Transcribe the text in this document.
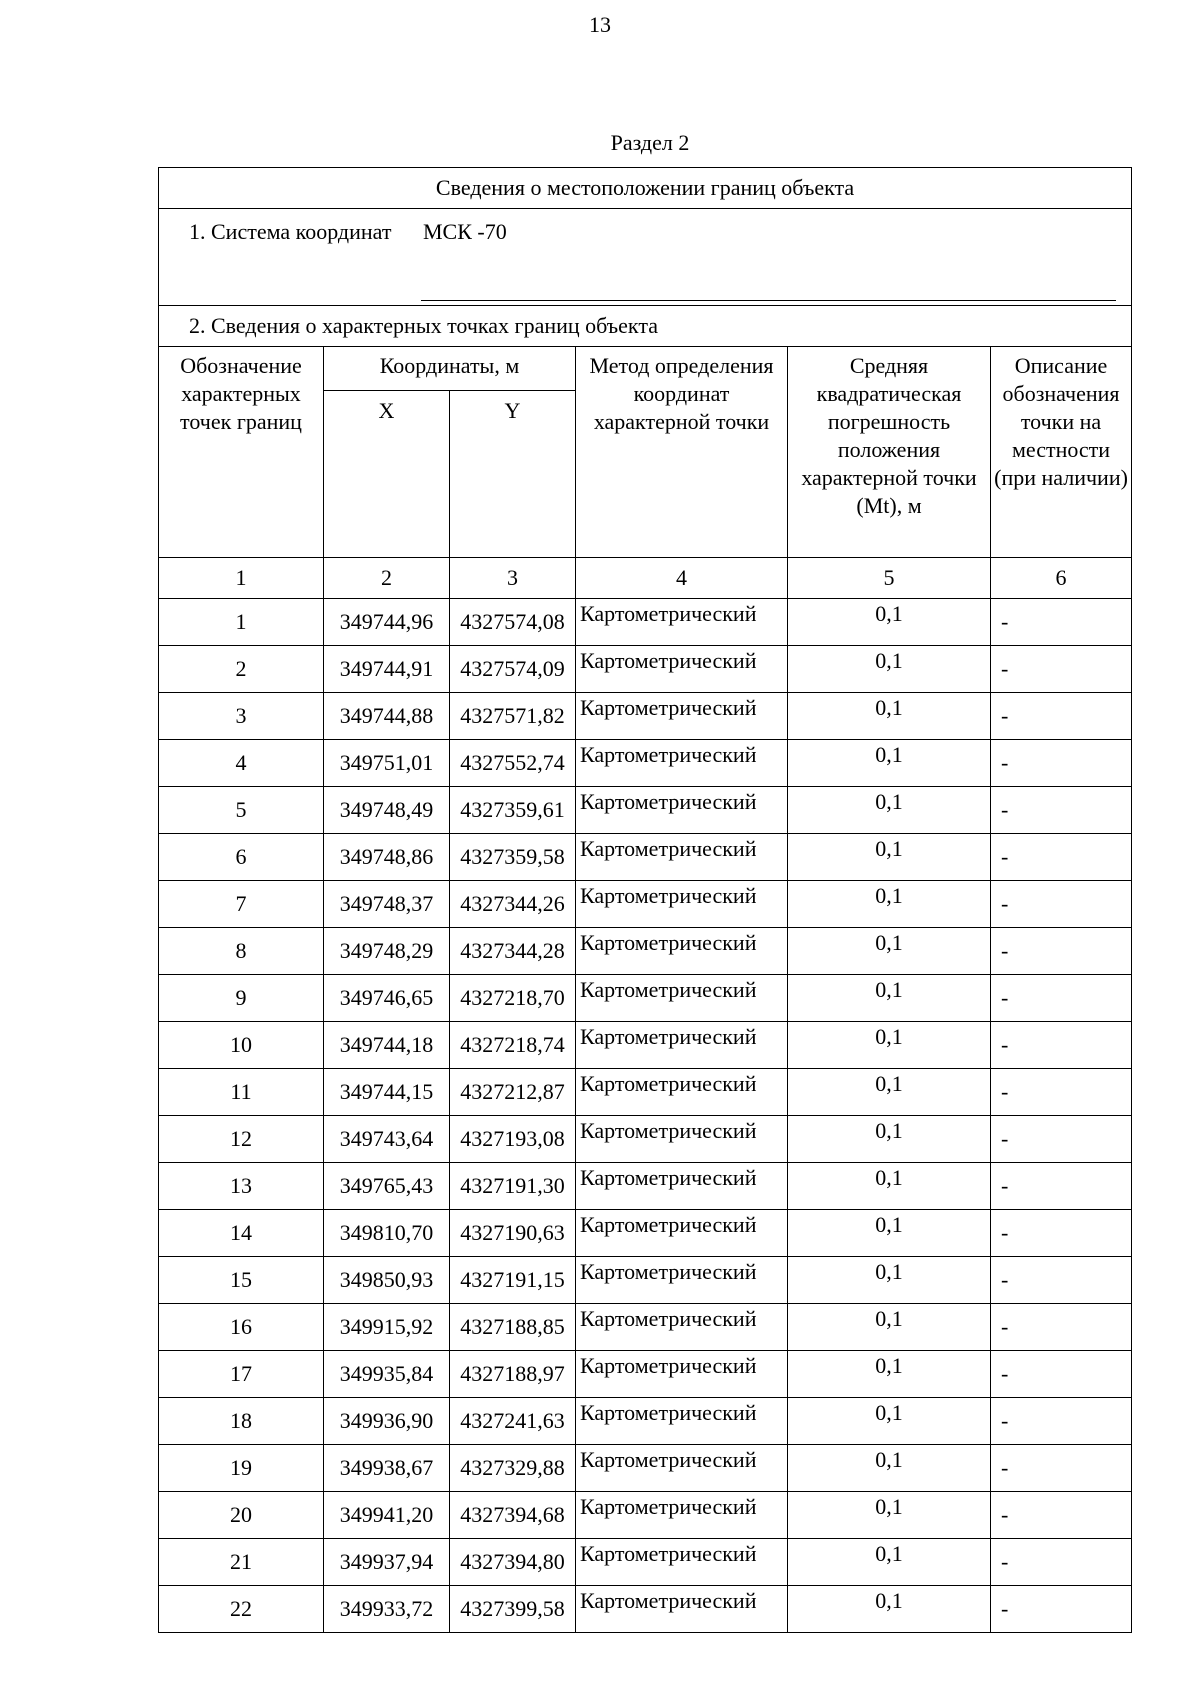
13
Раздел 2
Сведения о местоположении границ объекта					

1. Система координат МСК -70					

2. Сведения о характерных точках границ объекта					
Обозначение характерных точек границ	Координаты, м		Метод определения координат характерной точки	Средняя квадратическая погрешность положения характерной точки (Mt), м	Описание обозначения точки на местности (при наличии)
	X	Y			
1	2	3	4	5	6
1	349744,96	4327574,08	Картометрический	0,1	-
2	349744,91	4327574,09	Картометрический	0,1	-
3	349744,88	4327571,82	Картометрический	0,1	-
4	349751,01	4327552,74	Картометрический	0,1	-
5	349748,49	4327359,61	Картометрический	0,1	-
6	349748,86	4327359,58	Картометрический	0,1	-
7	349748,37	4327344,26	Картометрический	0,1	-
8	349748,29	4327344,28	Картометрический	0,1	-
9	349746,65	4327218,70	Картометрический	0,1	-
10	349744,18	4327218,74	Картометрический	0,1	-
11	349744,15	4327212,87	Картометрический	0,1	-
12	349743,64	4327193,08	Картометрический	0,1	-
13	349765,43	4327191,30	Картометрический	0,1	-
14	349810,70	4327190,63	Картометрический	0,1	-
15	349850,93	4327191,15	Картометрический	0,1	-
16	349915,92	4327188,85	Картометрический	0,1	-
17	349935,84	4327188,97	Картометрический	0,1	-
18	349936,90	4327241,63	Картометрический	0,1	-
19	349938,67	4327329,88	Картометрический	0,1	-
20	349941,20	4327394,68	Картометрический	0,1	-
21	349937,94	4327394,80	Картометрический	0,1	-
22	349933,72	4327399,58	Картометрический	0,1	-
